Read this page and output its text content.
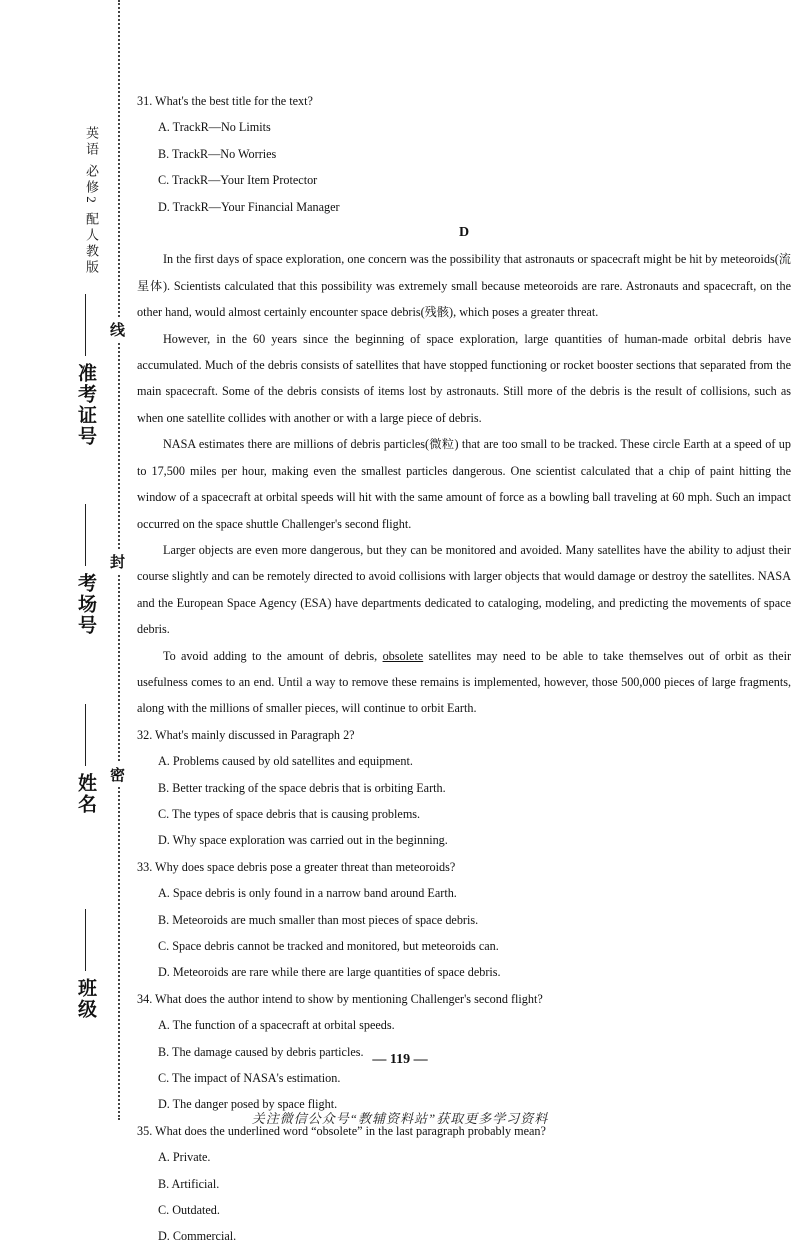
英语 必修2 配人教版
准考证号
考场号
姓名
班级
线
封
密

31. What's the best title for the text?

A. TrackR—No Limits
B. TrackR—No Worries
C. TrackR—Your Item Protector
D. TrackR—Your Financial Manager

D

In the first days of space exploration, one concern was the possibility that astronauts or spacecraft might be hit by meteoroids(流星体). Scientists calculated that this possibility was extremely small because meteoroids are rare. Astronauts and spacecraft, on the other hand, would almost certainly encounter space debris(残骸), which poses a greater threat.

However, in the 60 years since the beginning of space exploration, large quantities of human-made orbital debris have accumulated. Much of the debris consists of satellites that have stopped functioning or rocket booster sections that separated from the main spacecraft. Some of the debris consists of items lost by astronauts. Still more of the debris is the result of collisions, such as when one satellite collides with another or with a large piece of debris.

NASA estimates there are millions of debris particles(微粒) that are too small to be tracked. These circle Earth at a speed of up to 17,500 miles per hour, making even the smallest particles dangerous. One scientist calculated that a chip of paint hitting the window of a spacecraft at orbital speeds will hit with the same amount of force as a bowling ball traveling at 60 mph. Such an impact occurred on the space shuttle Challenger's second flight.

Larger objects are even more dangerous, but they can be monitored and avoided. Many satellites have the ability to adjust their course slightly and can be remotely directed to avoid collisions with larger objects that would damage or destroy the satellites. NASA and the European Space Agency (ESA) have departments dedicated to cataloging, modeling, and predicting the movements of space debris.

To avoid adding to the amount of debris, obsolete satellites may need to be able to take themselves out of orbit as their usefulness comes to an end. Until a way to remove these remains is implemented, however, those 500,000 pieces of large fragments, along with the millions of smaller pieces, will continue to orbit Earth.

32. What's mainly discussed in Paragraph 2?

A. Problems caused by old satellites and equipment.
B. Better tracking of the space debris that is orbiting Earth.
C. The types of space debris that is causing problems.
D. Why space exploration was carried out in the beginning.

33. Why does space debris pose a greater threat than meteoroids?

A. Space debris is only found in a narrow band around Earth.
B. Meteoroids are much smaller than most pieces of space debris.
C. Space debris cannot be tracked and monitored, but meteoroids can.
D. Meteoroids are rare while there are large quantities of space debris.

34. What does the author intend to show by mentioning Challenger's second flight?

A. The function of a spacecraft at orbital speeds.
B. The damage caused by debris particles.
C. The impact of NASA's estimation.
D. The danger posed by space flight.

35. What does the underlined word “obsolete” in the last paragraph probably mean?

A. Private.
B. Artificial.
C. Outdated.
D. Commercial.
— 119 —
关注微信公众号“教辅资料站”获取更多学习资料
